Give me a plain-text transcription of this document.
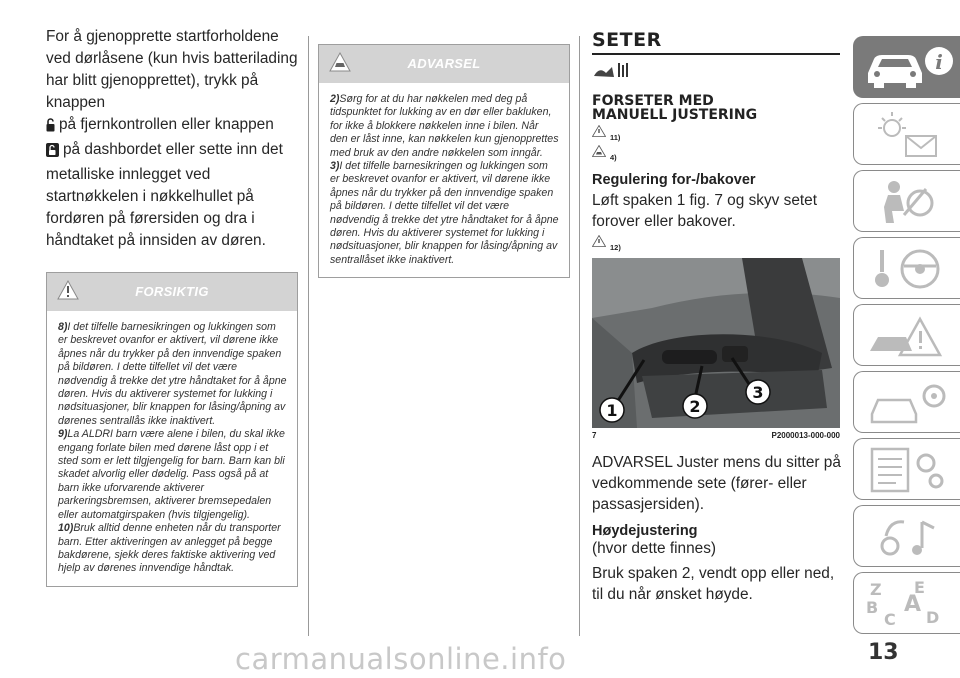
For å gjenopprette startforholdene ved dørlåsene (kun hvis batterilading har blitt gjenopprettet), trykk på knappen
på fjernkontrollen eller knappen
på dashbordet eller sette inn det metalliske innlegget ved startnøkkelen i nøkkelhullet på fordøren på førersiden og dra i håndtaket på innsiden av døren.

FORSIKTIG

8)I det tilfelle barnesikringen og lukkingen som er beskrevet ovanfor er aktivert, vil dørene ikke åpnes når du trykker på den innvendige spaken på bildøren. I dette tilfellet vil det være nødvendig å trekke det ytre håndtaket for å åpne døren. Hvis du aktiverer systemet for lukking i nødsituasjoner, blir knappen for låsing/åpning av dørenes sentrallås ikke inaktivert.

9)La ALDRI barn være alene i bilen, du skal ikke engang forlate bilen med dørene låst opp i et sted som er lett tilgjengelig for barn. Barn kan bli skadet alvorlig eller dødelig. Pass også på at barn ikke uforvarende aktiverer parkeringsbremsen, aktiverer bremsepedalen eller automatgirspaken (hvis tilgjengelig).

10)Bruk alltid denne enheten når du transporter barn. Etter aktiveringen av anlegget på begge bakdørene, sjekk deres faktiske aktivering ved hjelp av dørenes innvendige håndtak.

ADVARSEL

2)Sørg for at du har nøkkelen med deg på tidspunktet for lukking av en dør eller bakluken, for ikke å blokkere nøkkelen inne i bilen. Når den er låst inne, kan nøkkelen kun gjenopprettes med bruk av den andre nøkkelen som inngår.

3)I det tilfelle barnesikringen og lukkingen som er beskrevet ovanfor er aktivert, vil dørene ikke åpnes når du trykker på den innvendige spaken på bildøren. I dette tilfellet vil det være nødvendig å trekke det ytre håndtaket for å åpne døren. Hvis du aktiverer systemet for lukking i nødsituasjoner, blir knappen for låsing/åpning av sentrallåset ikke inaktivert.

SETER
FORSETER MED
MANUELL JUSTERING
11)
4)

Regulering for-/bakover

Løft spaken 1 fig. 7 og skyv setet forover eller bakover.
12)
1	2
3
7	P2000013-000-000
ADVARSEL Juster mens du sitter på vedkommende sete (fører- eller passasjersiden).

Høydejustering

(hvor dette finnes)
Bruk spaken 2, vendt opp eller ned, til du når ønsket høyde.
i
Z E
B A
C D
13
carmanualsonline.info
